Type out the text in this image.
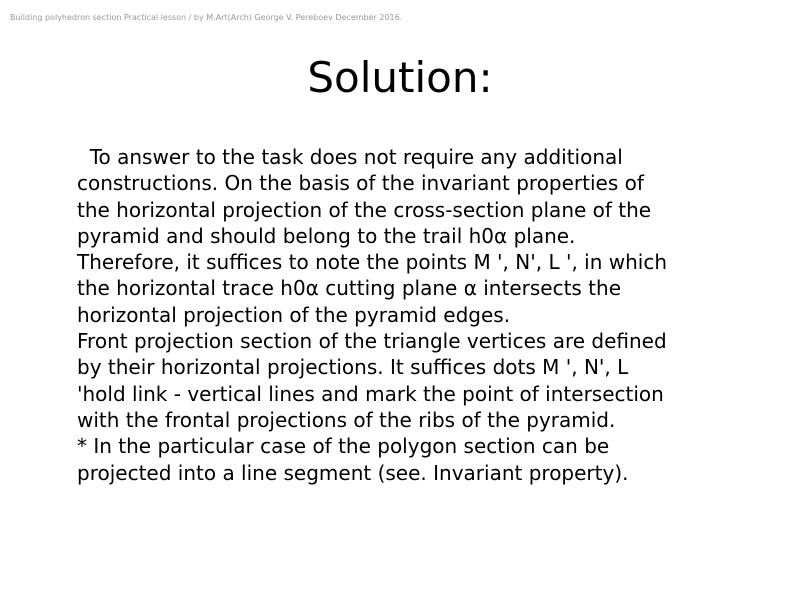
Building polyhedron section Practical lesson / by M.Art(Arch) George V. Pereboev December 2016.
Solution:
To answer to the task does not require any additional
constructions. On the basis of the invariant properties of
the horizontal projection of the cross-section plane of the
pyramid and should belong to the trail h0α plane.
Therefore, it suffices to note the points M ', N', L ', in which
the horizontal trace h0α cutting plane α intersects the
horizontal projection of the pyramid edges.
Front projection section of the triangle vertices are defined
by their horizontal projections. It suffices dots M ', N', L
'hold link - vertical lines and mark the point of intersection
with the frontal projections of the ribs of the pyramid.
* In the particular case of the polygon section can be
projected into a line segment (see. Invariant property).
